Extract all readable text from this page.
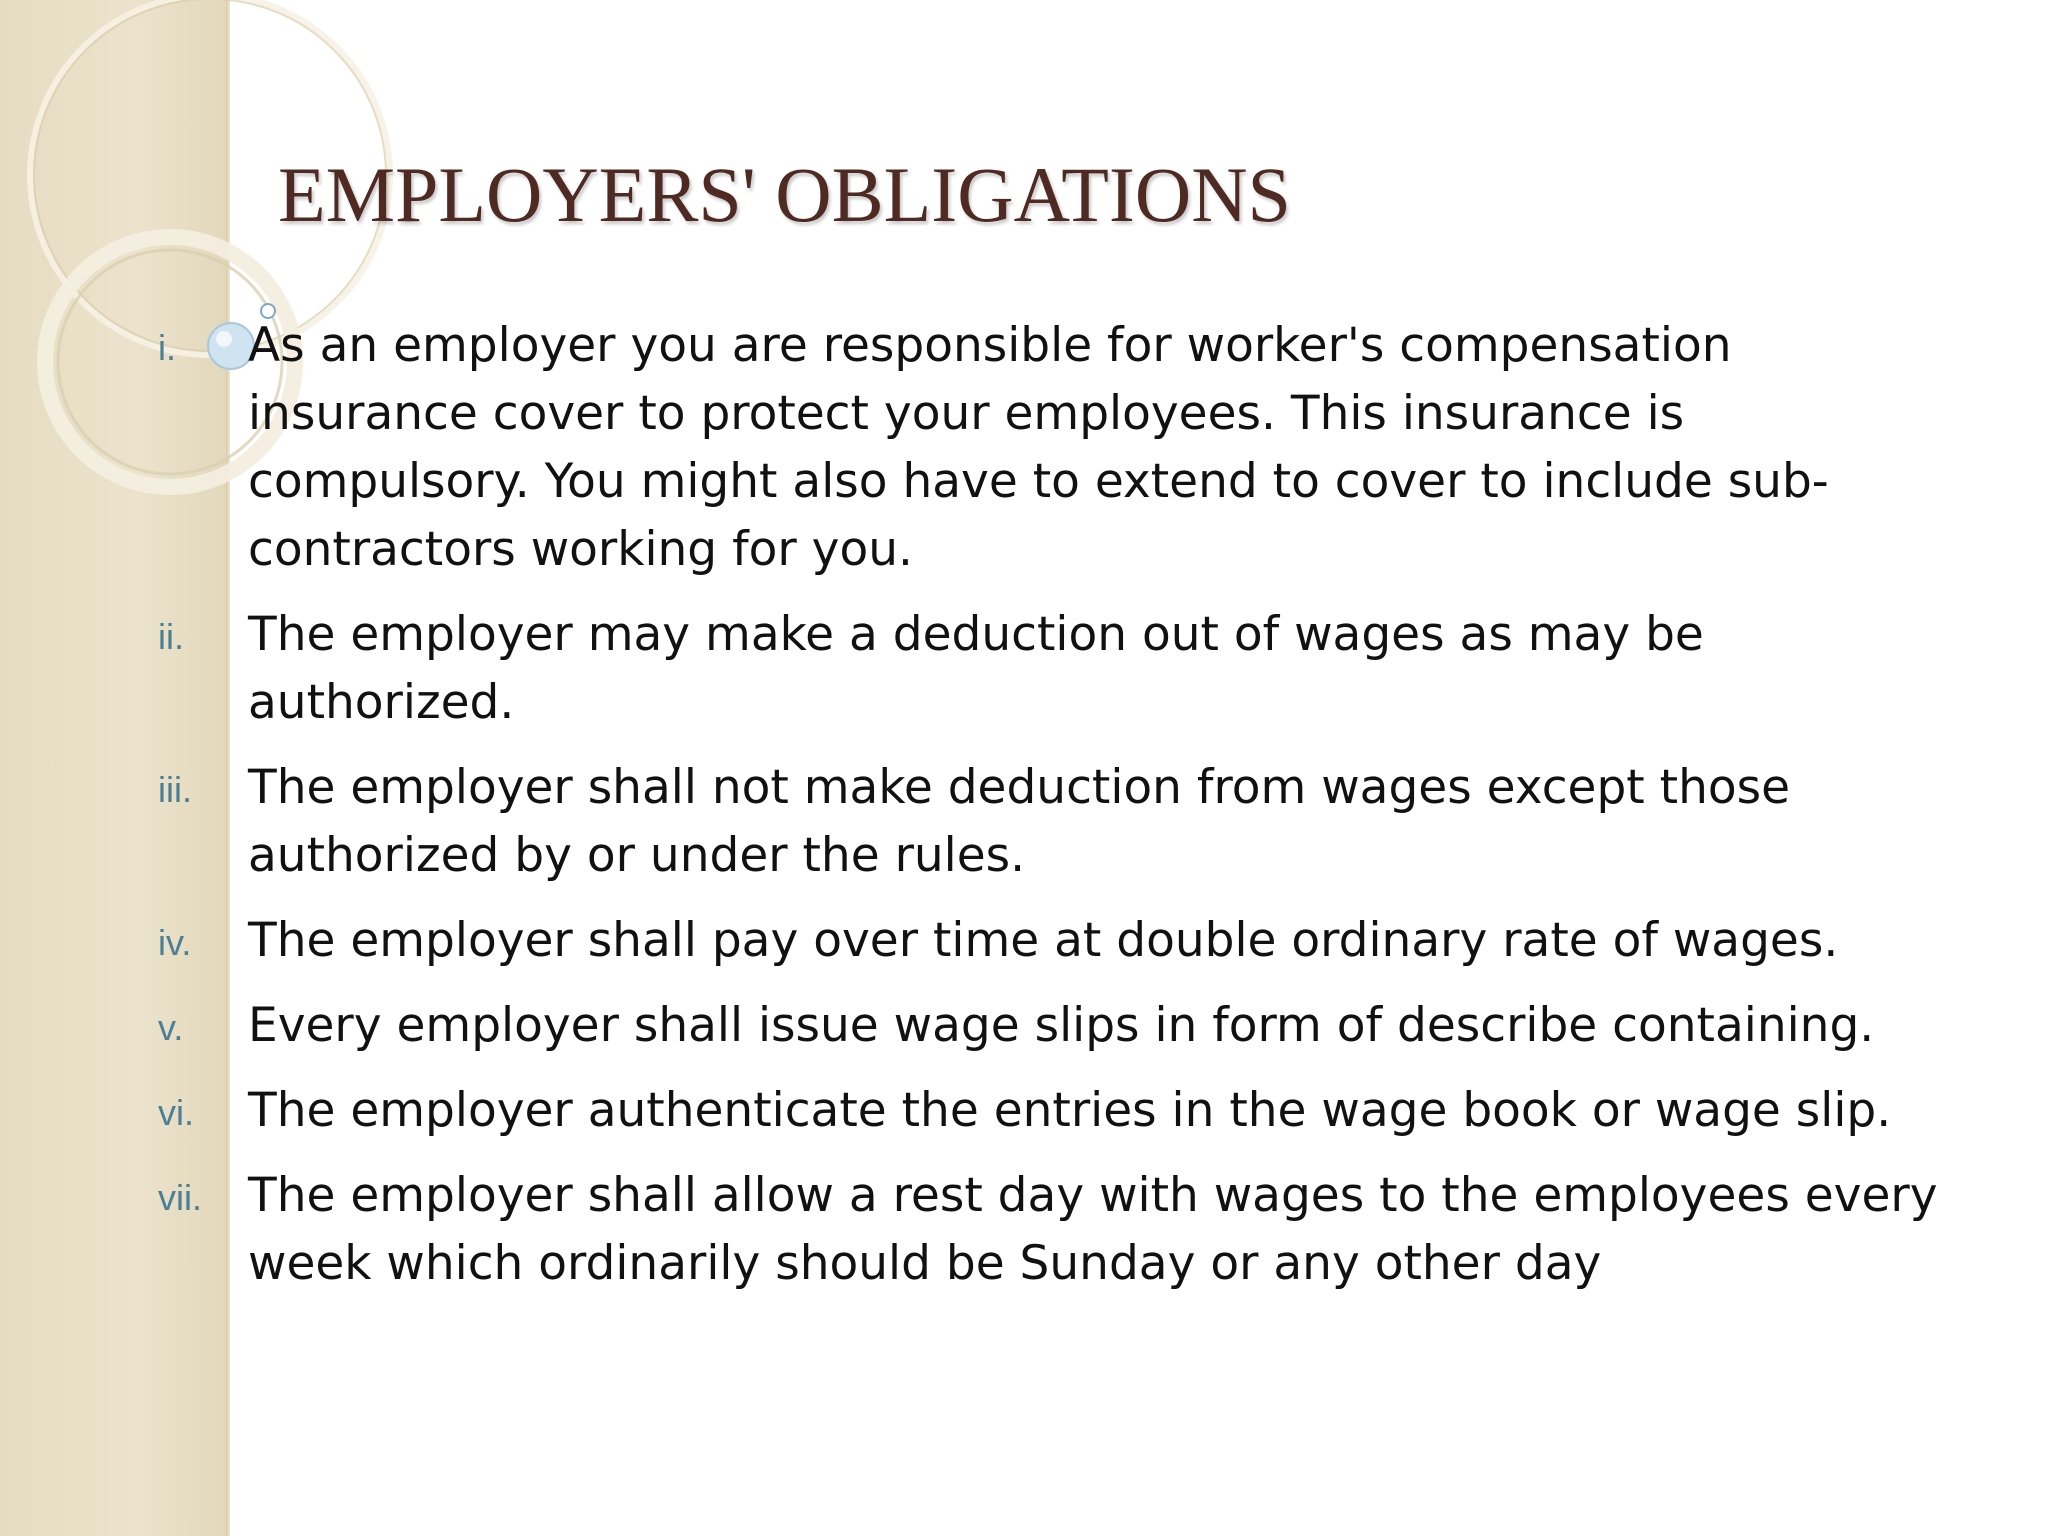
EMPLOYERS' OBLIGATIONS
i. As an employer you are responsible for worker's compensation insurance cover to protect your employees. This insurance is compulsory. You might also have to extend to cover to include sub-contractors working for you.
ii. The employer may make a deduction out of wages as may be authorized.
iii. The employer shall not make deduction from wages except those authorized by or under the rules.
iv. The employer shall pay over time at double ordinary rate of wages.
v. Every employer shall issue wage slips in form of describe containing.
vi. The employer authenticate the entries in the wage book or wage slip.
vii. The employer shall allow a rest day with wages to the employees every week which ordinarily should be Sunday or any other day
